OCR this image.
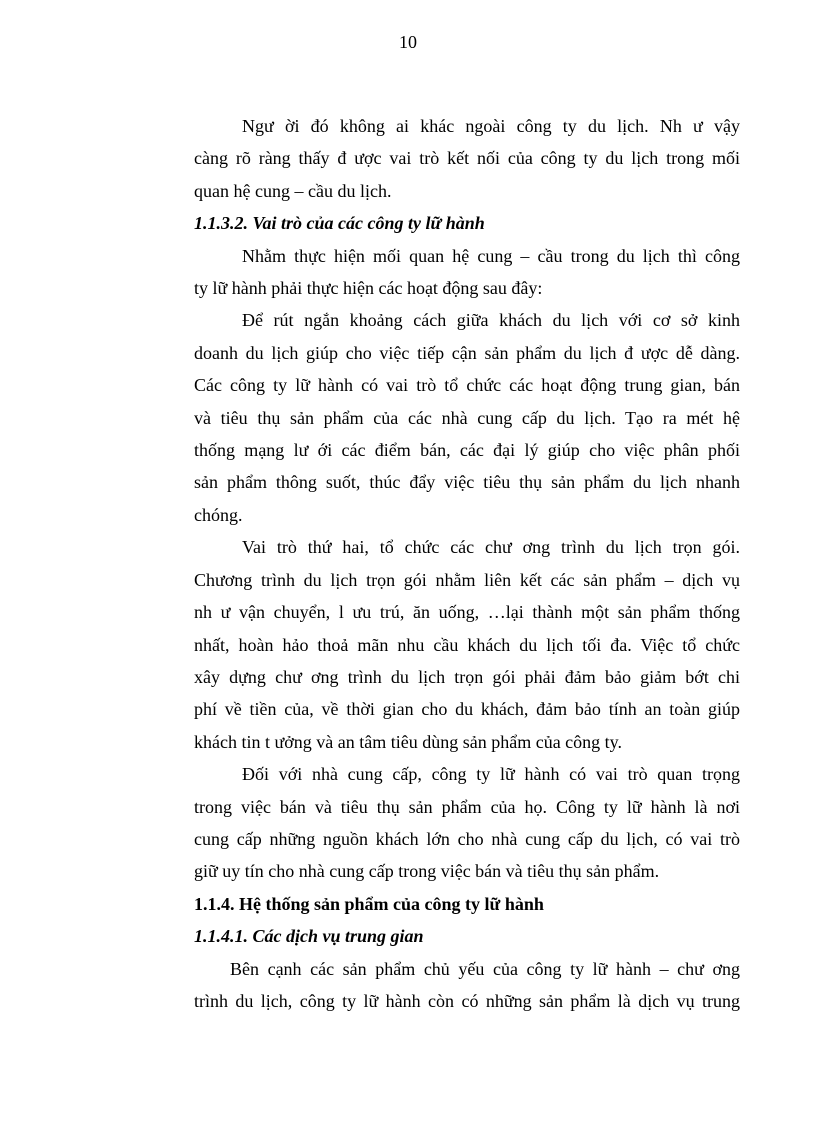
10

Ngư ời đó không ai khác ngoài công ty du lịch. Nh ư vậy
càng rõ ràng thấy đ ược vai trò kết nối của công ty du lịch trong mối
quan hệ cung – cầu du lịch.

1.1.3.2. Vai trò của các công ty lữ hành

Nhằm thực hiện mối quan hệ cung – cầu trong du lịch thì công
ty lữ hành phải thực hiện các hoạt động sau đây:

Để rút ngắn khoảng cách giữa khách du lịch với cơ sở kinh
doanh du lịch giúp cho việc tiếp cận sản phẩm du lịch đ ược dễ dàng.
Các công ty lữ hành có vai trò tổ chức các hoạt động trung gian, bán
và tiêu thụ sản phẩm của các nhà cung cấp du lịch. Tạo ra mét hệ
thống mạng lư ới các điểm bán, các đại lý giúp cho việc phân phối
sản phẩm thông suốt, thúc đẩy việc tiêu thụ sản phẩm du lịch nhanh
chóng.

Vai trò thứ hai, tổ chức các chư ơng trình du lịch trọn gói.
Chương trình du lịch trọn gói nhằm liên kết các sản phẩm – dịch vụ
nh ư vận chuyển, l ưu trú, ăn uống, …lại thành một sản phẩm thống
nhất, hoàn hảo thoả mãn nhu cầu khách du lịch tối đa. Việc tổ chức
xây dựng chư ơng trình du lịch trọn gói phải đảm bảo giảm bớt chi
phí về tiền của, về thời gian cho du khách, đảm bảo tính an toàn giúp
khách tin t ưởng và an tâm tiêu dùng sản phẩm của công ty.

Đối với nhà cung cấp, công ty lữ hành có vai trò quan trọng
trong việc bán và tiêu thụ sản phẩm của họ. Công ty lữ hành là nơi
cung cấp những nguồn khách lớn cho nhà cung cấp du lịch, có vai trò
giữ uy tín cho nhà cung cấp trong việc bán và tiêu thụ sản phẩm.

1.1.4. Hệ thống sản phẩm của công ty lữ hành

1.1.4.1. Các dịch vụ trung gian

Bên cạnh các sản phẩm chủ yếu của công ty lữ hành – chư ơng
trình du lịch, công ty lữ hành còn có những sản phẩm là dịch vụ trung
